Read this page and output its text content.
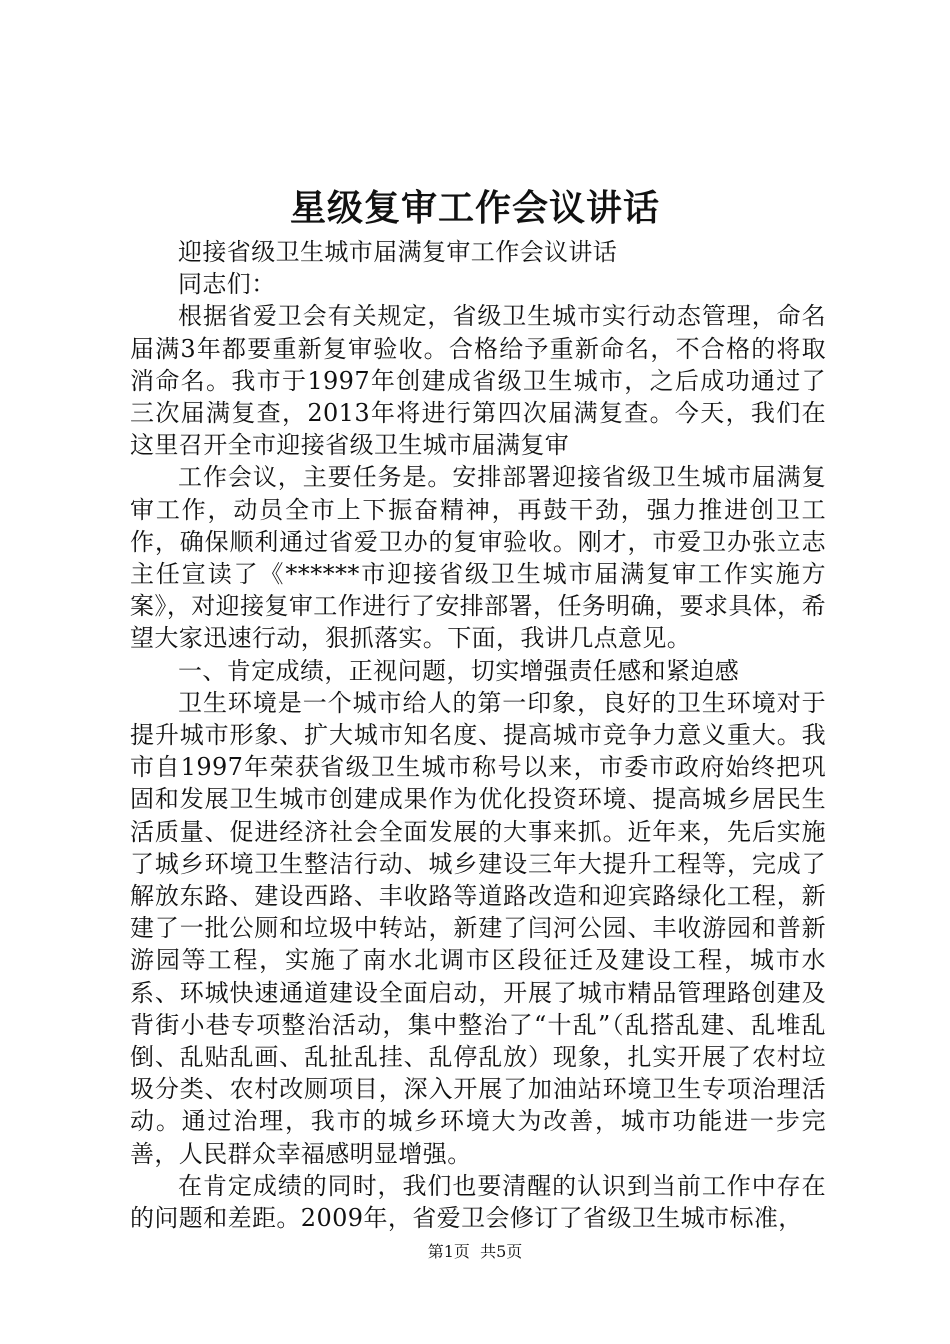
星级复审工作会议讲话

迎接省级卫生城市届满复审工作会议讲话

同志们：

根据省爱卫会有关规定，省级卫生城市实行动态管理，命名届满3年都要重新复审验收。合格给予重新命名，不合格的将取消命名。我市于1997年创建成省级卫生城市，之后成功通过了三次届满复查，2013年将进行第四次届满复查。今天，我们在这里召开全市迎接省级卫生城市届满复审

工作会议，主要任务是。安排部署迎接省级卫生城市届满复审工作，动员全市上下振奋精神，再鼓干劲，强力推进创卫工作，确保顺利通过省爱卫办的复审验收。刚才，市爱卫办张立志主任宣读了《******市迎接省级卫生城市届满复审工作实施方案》，对迎接复审工作进行了安排部署，任务明确，要求具体，希望大家迅速行动，狠抓落实。下面，我讲几点意见。

一、肯定成绩，正视问题，切实增强责任感和紧迫感

卫生环境是一个城市给人的第一印象，良好的卫生环境对于提升城市形象、扩大城市知名度、提高城市竞争力意义重大。我市自1997年荣获省级卫生城市称号以来，市委市政府始终把巩固和发展卫生城市创建成果作为优化投资环境、提高城乡居民生活质量、促进经济社会全面发展的大事来抓。近年来，先后实施了城乡环境卫生整洁行动、城乡建设三年大提升工程等，完成了解放东路、建设西路、丰收路等道路改造和迎宾路绿化工程，新建了一批公厕和垃圾中转站，新建了闫河公园、丰收游园和普新游园等工程，实施了南水北调市区段征迁及建设工程，城市水系、环城快速通道建设全面启动，开展了城市精品管理路创建及背街小巷专项整治活动，集中整治了“十乱”（乱搭乱建、乱堆乱倒、乱贴乱画、乱扯乱挂、乱停乱放）现象，扎实开展了农村垃圾分类、农村改厕项目，深入开展了加油站环境卫生专项治理活动。通过治理，我市的城乡环境大为改善，城市功能进一步完善，人民群众幸福感明显增强。

在肯定成绩的同时，我们也要清醒的认识到当前工作中存在的问题和差距。2009年，省爱卫会修订了省级卫生城市标准，

第1页 共5页
